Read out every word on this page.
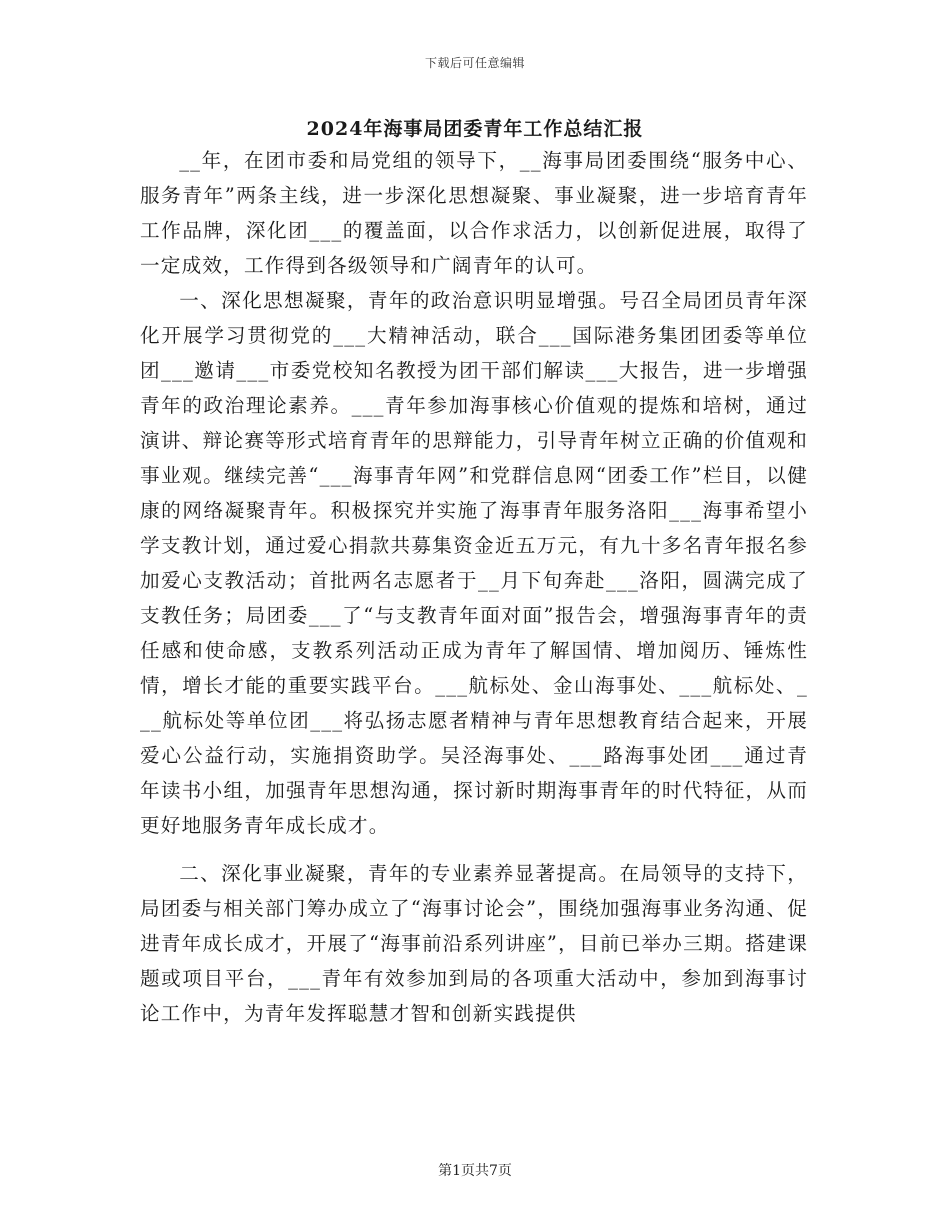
下载后可任意编辑
2024年海事局团委青年工作总结汇报

__年，在团市委和局党组的领导下，__海事局团委围绕“服务中心、服务青年”两条主线，进一步深化思想凝聚、事业凝聚，进一步培育青年工作品牌，深化团___的覆盖面，以合作求活力，以创新促进展，取得了一定成效，工作得到各级领导和广阔青年的认可。

一、深化思想凝聚，青年的政治意识明显增强。号召全局团员青年深化开展学习贯彻党的___大精神活动，联合___国际港务集团团委等单位团___邀请___市委党校知名教授为团干部们解读___大报告，进一步增强青年的政治理论素养。___青年参加海事核心价值观的提炼和培树，通过演讲、辩论赛等形式培育青年的思辩能力，引导青年树立正确的价值观和事业观。继续完善“___海事青年网”和党群信息网“团委工作”栏目，以健康的网络凝聚青年。积极探究并实施了海事青年服务洛阳___海事希望小学支教计划，通过爱心捐款共募集资金近五万元，有九十多名青年报名参加爱心支教活动；首批两名志愿者于__月下旬奔赴___洛阳，圆满完成了支教任务；局团委___了“与支教青年面对面”报告会，增强海事青年的责任感和使命感，支教系列活动正成为青年了解国情、增加阅历、锤炼性情，增长才能的重要实践平台。___航标处、金山海事处、___航标处、___航标处等单位团___将弘扬志愿者精神与青年思想教育结合起来，开展爱心公益行动，实施捐资助学。吴泾海事处、___路海事处团___通过青年读书小组，加强青年思想沟通，探讨新时期海事青年的时代特征，从而更好地服务青年成长成才。

二、深化事业凝聚，青年的专业素养显著提高。在局领导的支持下，局团委与相关部门筹办成立了“海事讨论会”，围绕加强海事业务沟通、促进青年成长成才，开展了“海事前沿系列讲座”，目前已举办三期。搭建课题或项目平台，___青年有效参加到局的各项重大活动中，参加到海事讨论工作中，为青年发挥聪慧才智和创新实践提供

第1页共7页
